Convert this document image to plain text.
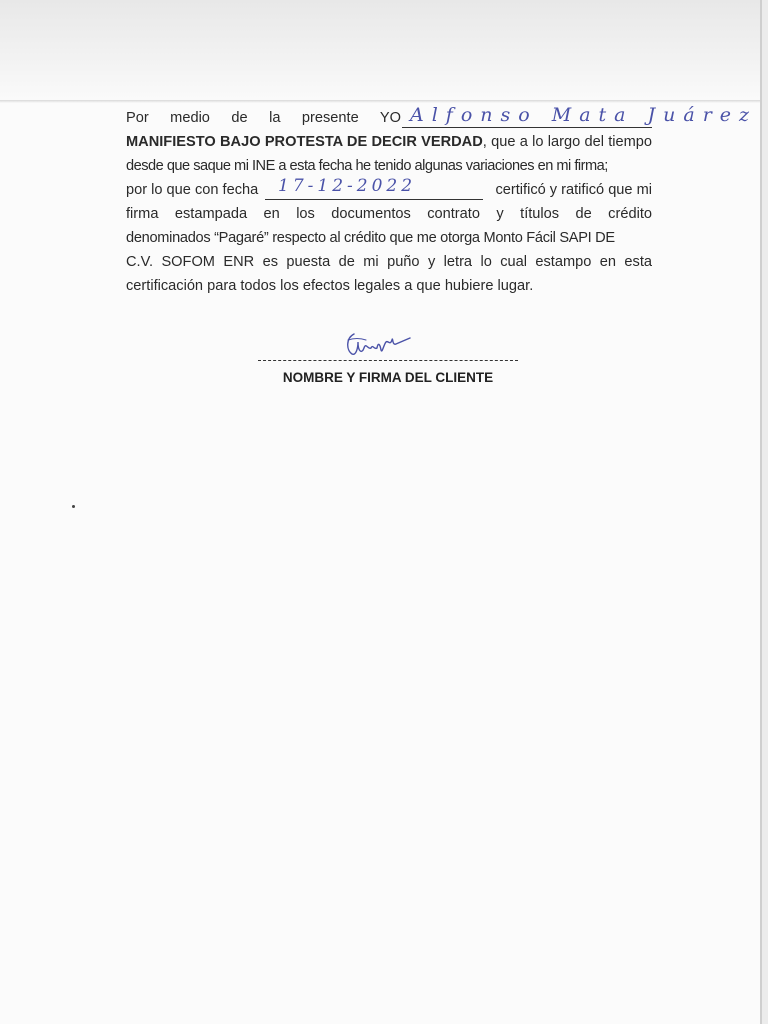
Por medio de la presente YO
MANIFIESTO BAJO PROTESTA DE DECIR VERDAD, que a lo largo del tiempo
desde que saque mi INE a esta fecha he tenido algunas variaciones en mi firma;
por lo que con fecha	certificó y ratificó que mi
firma estampada en los documentos contrato y títulos de crédito
denominados “Pagaré” respecto al crédito que me otorga Monto Fácil SAPI DE
C.V. SOFOM ENR es puesta de mi puño y letra lo cual estampo en esta
certificación para todos los efectos legales a que hubiere lugar.
Alfonso Mata Juárez
17-12-2022
NOMBRE Y FIRMA DEL CLIENTE
